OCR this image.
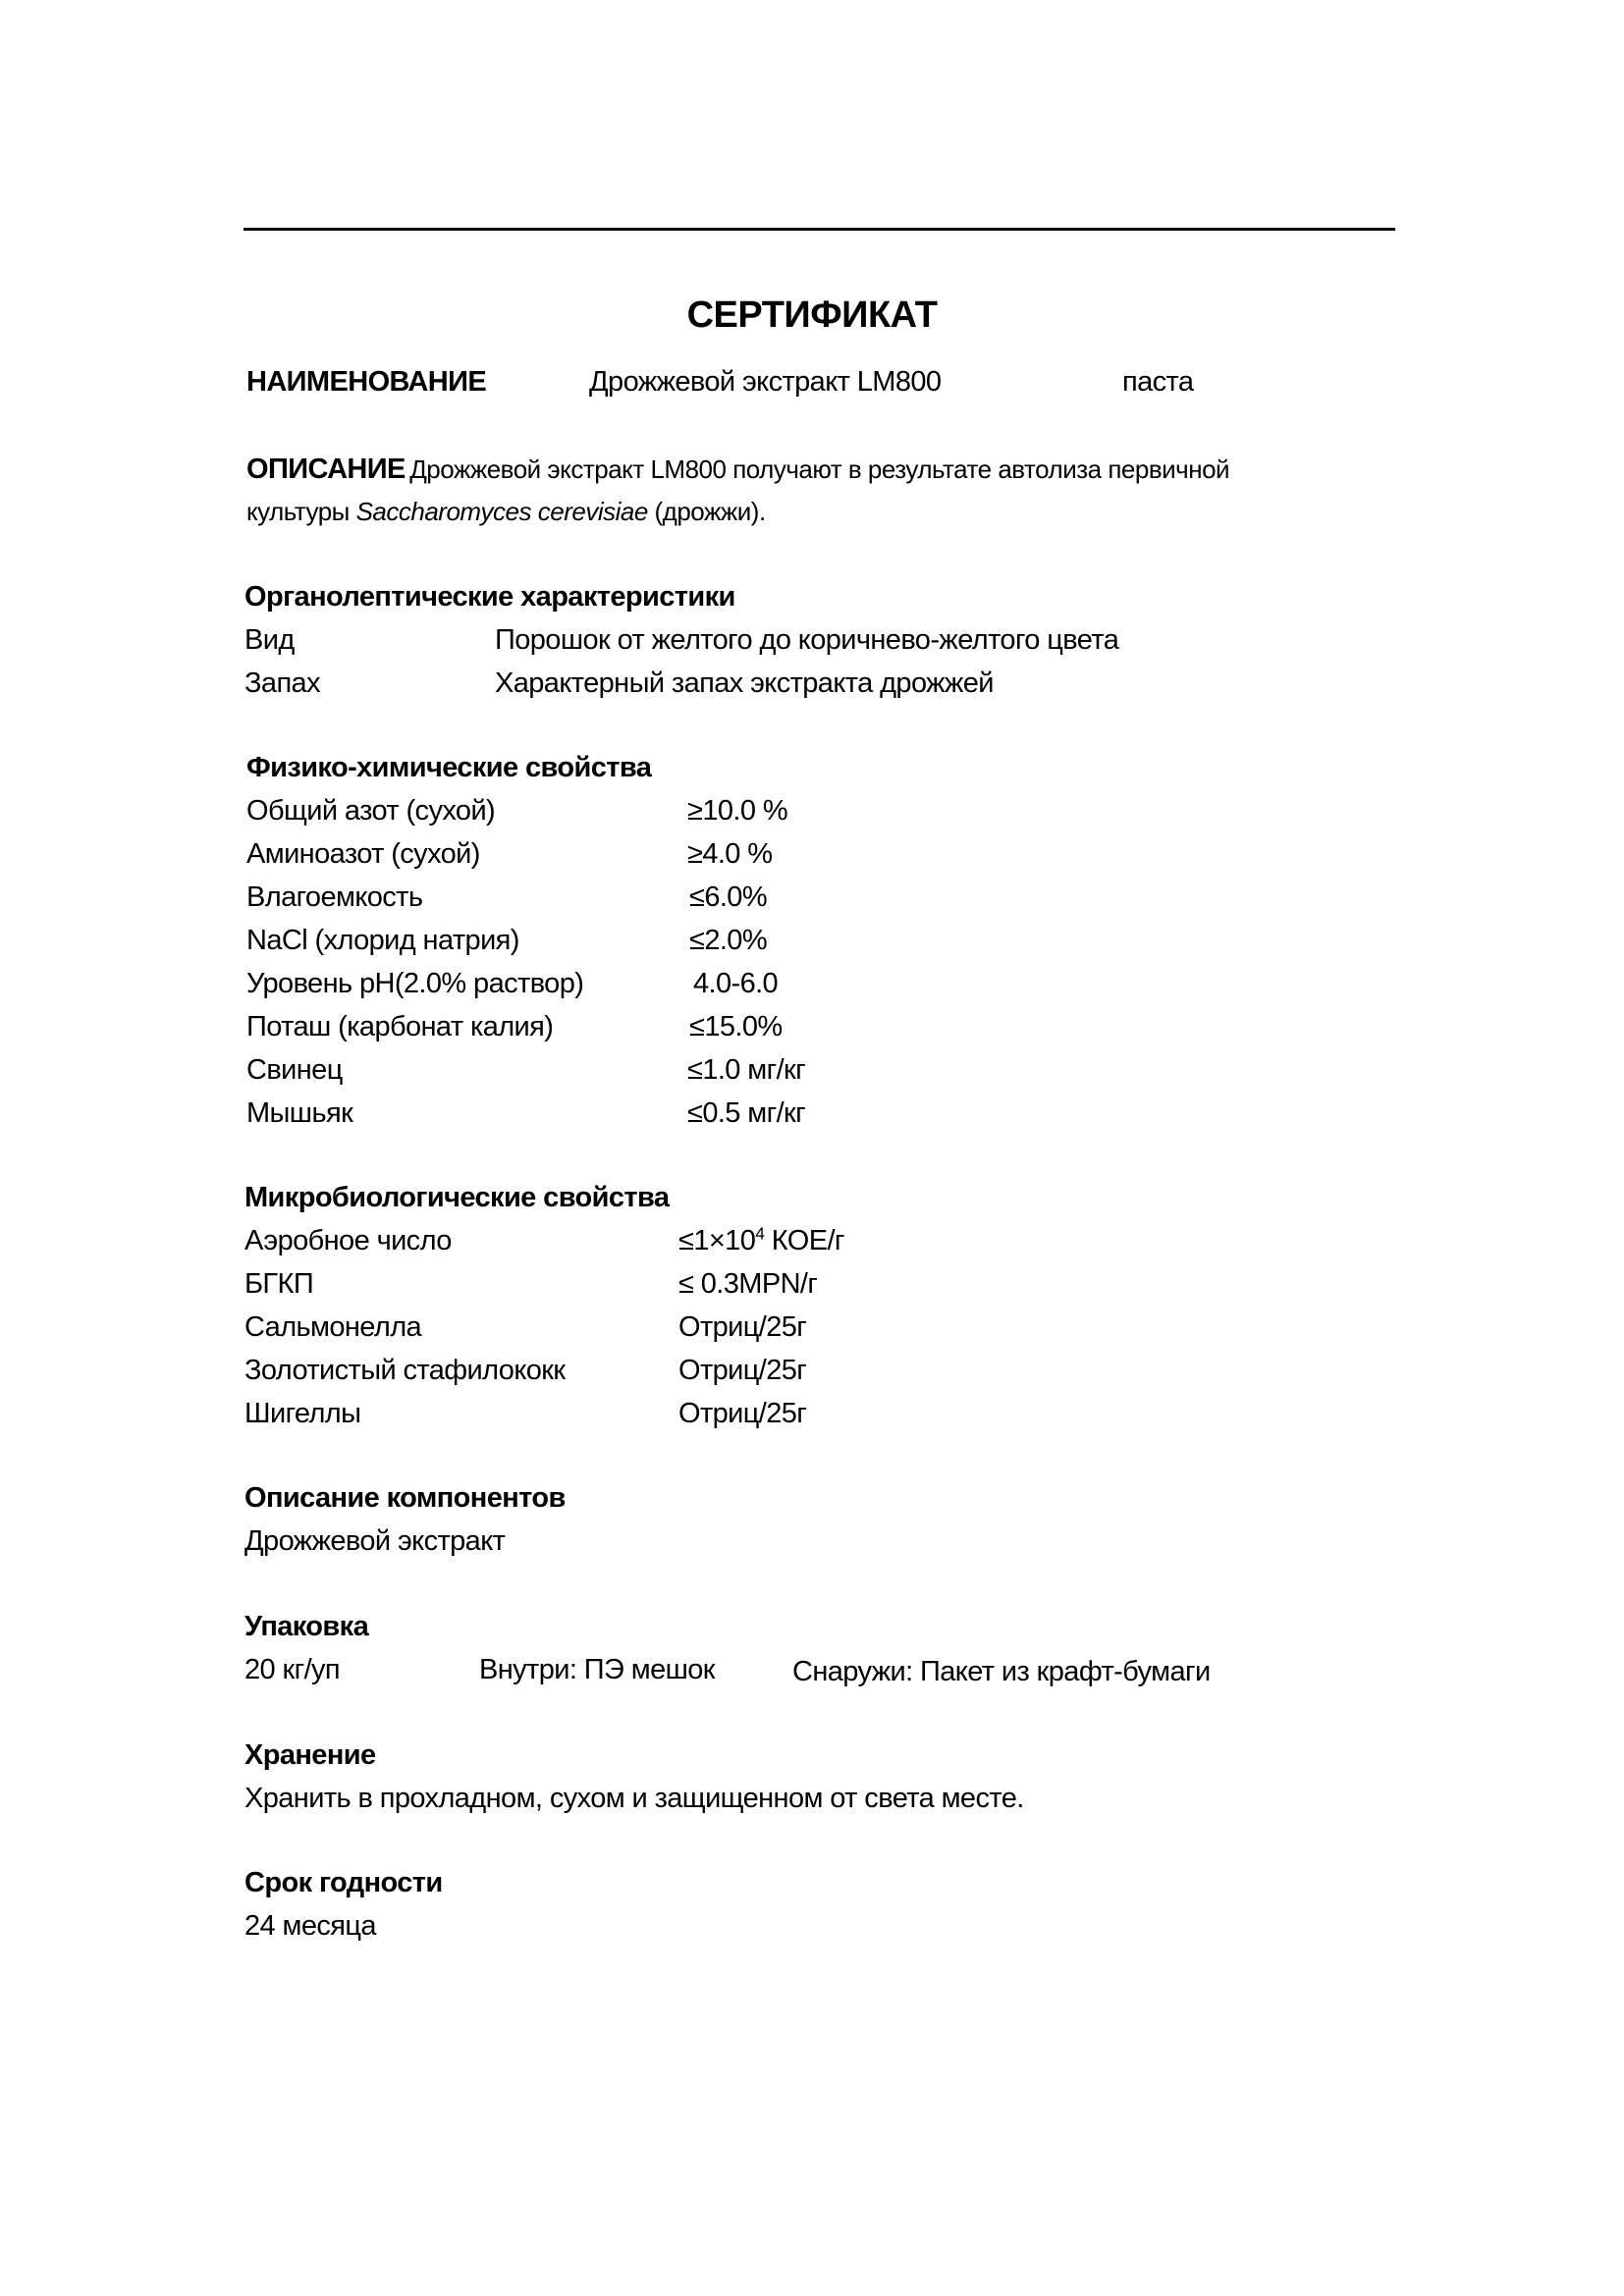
СЕРТИФИКАТ
НАИМЕНОВАНИЕ	Дрожжевой экстракт LM800	паста
ОПИСАНИЕ Дрожжевой экстракт LM800 получают в результате автолиза первичной
культуры Saccharomyces cerevisiae (дрожжи).
Органолептические характеристики
Вид	Порошок от желтого до коричнево-желтого цвета
Запах	Характерный запах экстракта дрожжей
Физико-химические свойства
Общий азот (сухой)	≥10.0 %
Аминоазот (сухой)	≥4.0 %
Влагоемкость	≤6.0%
NaCl (хлорид натрия)	≤2.0%
Уровень pH(2.0% раствор)	4.0-6.0
Поташ (карбонат калия)	≤15.0%
Свинец	≤1.0 мг/кг
Мышьяк	≤0.5 мг/кг
Микробиологические свойства
Аэробное число	$\le 1\times 10^4$ КОЕ/г
БГКП	≤ 0.3MPN/г
Сальмонелла	Отриц/25г
Золотистый стафилококк	Отриц/25г
Шигеллы	Отриц/25г
Описание компонентов
Дрожжевой экстракт
Упаковка
20 кг/уп	Внутри: ПЭ мешок	Снаружи: Пакет из крафт-бумаги
Хранение
Хранить в прохладном, сухом и защищенном от света месте.
Срок годности
24 месяца
